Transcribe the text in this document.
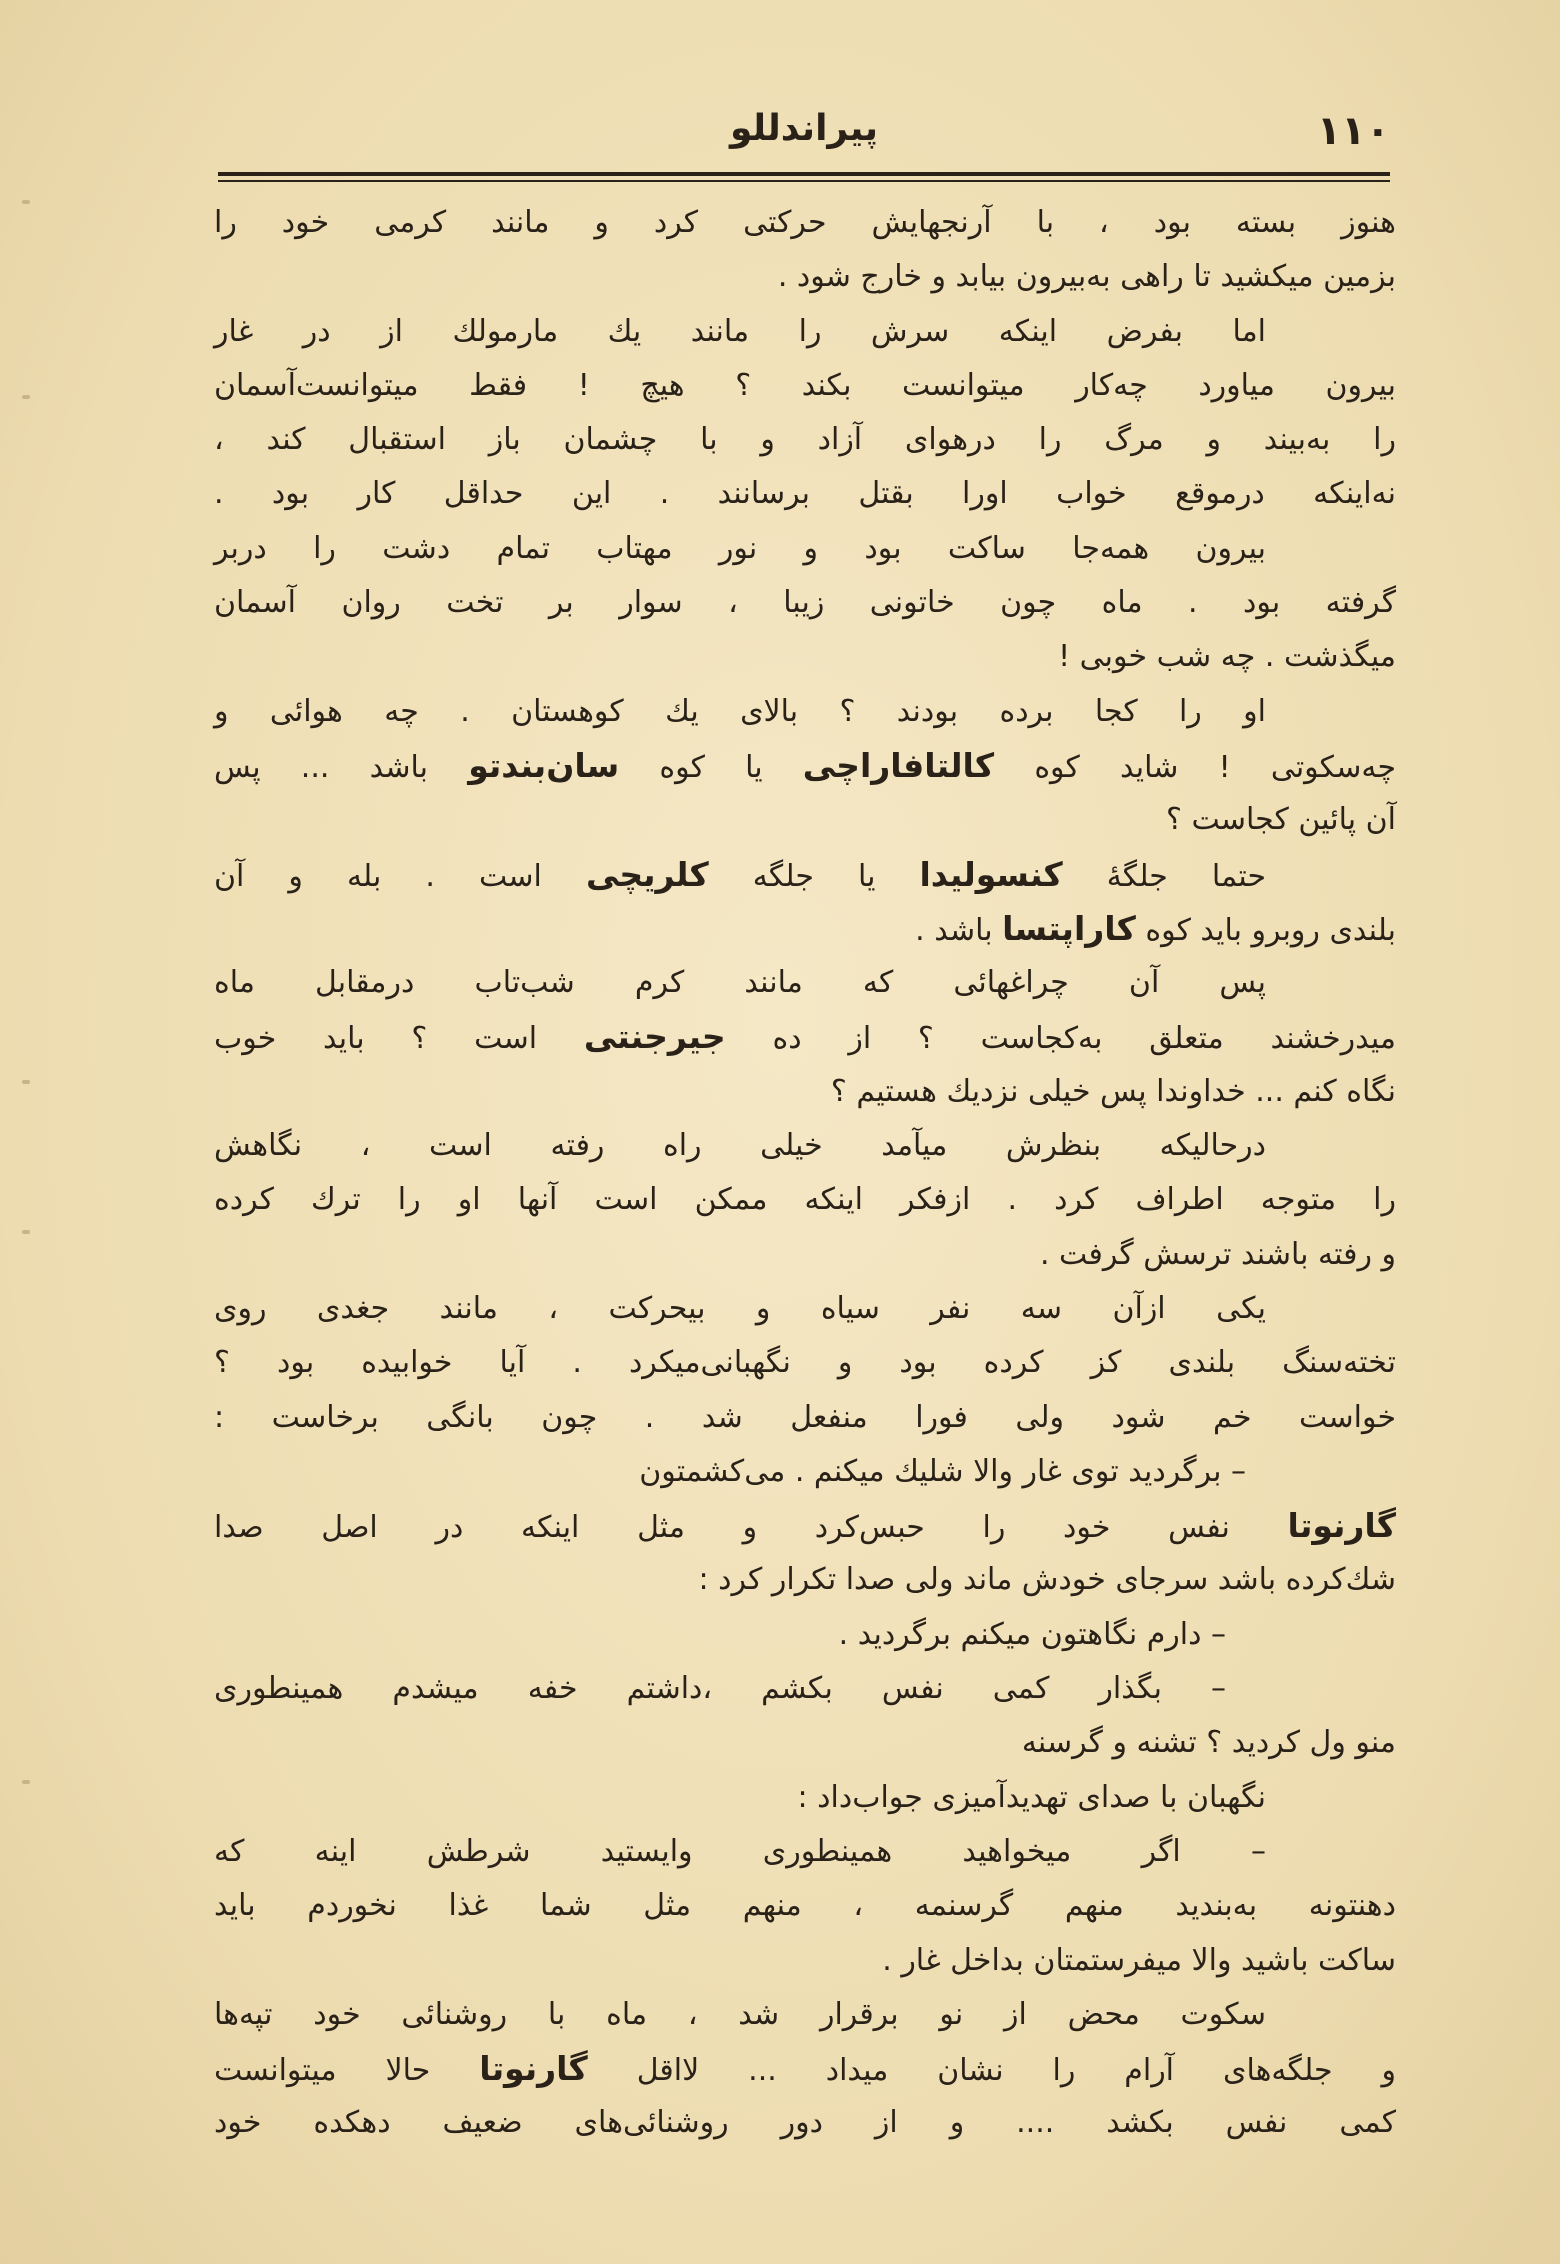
١١٠
پیراندللو
هنوز بسته بود ، با آرنجهایش حرکتی کرد و مانند کرمی خود را
بزمین میکشید تا راهی به‌بیرون بیابد و خارج شود .
اما بفرض اینکه سرش را مانند یك مارمولك از در غار
بیرون میاورد چه‌کار میتوانست بکند ؟ هیچ ! فقط میتوانست‌آسمان
را به‌بیند و مرگ را درهوای آزاد و با چشمان باز استقبال کند ،
نه‌اینکه درموقع خواب اورا بقتل برسانند . این حداقل کار بود .
بیرون همه‌جا ساکت بود و نور مهتاب تمام دشت را دربر
گرفته بود . ماه چون خاتونی زیبا ، سوار بر تخت روان آسمان
میگذشت . چه شب خوبی !
او را کجا برده بودند ؟ بالای یك کوهستان . چه هوائی و
چه‌سکوتی ! شاید کوه کالتافاراچی یا کوه سان‌بندتو باشد ... پس
آن پائین کجاست ؟
حتما جلگهٔ کنسولیدا یا جلگه کلریچی است . بله و آن
بلندی روبرو باید کوه کاراپتسا باشد .
پس آن چراغهائی که مانند کرم شب‌تاب درمقابل ماه
میدرخشند متعلق به‌کجاست ؟ از ده جیرجنتی است ؟ باید خوب
نگاه کنم ... خداوندا پس خیلی نزدیك هستیم ؟
درحالیکه بنظرش میآمد خیلی راه رفته است ، نگاهش
را متوجه اطراف کرد . ازفکر اینکه ممکن است آنها او را ترك کرده
و رفته باشند ترسش گرفت .
یکی ازآن سه نفر سیاه و بیحرکت ، مانند جغدی روی
تخته‌سنگ بلندی کز کرده بود و نگهبانی‌میکرد . آیا خوابیده بود ؟
خواست خم شود ولی فورا منفعل شد . چون بانگی برخاست :
– برگردید توی غار والا شلیك میکنم . می‌کشمتون
گارنوتا نفس خود را حبس‌کرد و مثل اینکه در اصل صدا
شك‌کرده باشد سرجای خودش ماند ولی صدا تکرار کرد :
– دارم نگاهتون میکنم برگردید .
– بگذار کمی نفس بکشم ،داشتم خفه میشدم همینطوری
منو ول کردید ؟ تشنه و گرسنه
نگهبان با صدای تهدیدآمیزی جواب‌داد :
– اگر میخواهید همینطوری وایستید شرطش اینه که
دهنتونه به‌بندید منهم گرسنمه ، منهم مثل شما غذا نخوردم باید
ساکت باشید والا میفرستمتان بداخل غار .
سکوت محض از نو برقرار شد ، ماه با روشنائی خود تپه‌ها
و جلگه‌های آرام را نشان میداد ... لااقل گارنوتا حالا میتوانست
کمی نفس بکشد .... و از دور روشنائی‌های ضعیف دهکده خود
